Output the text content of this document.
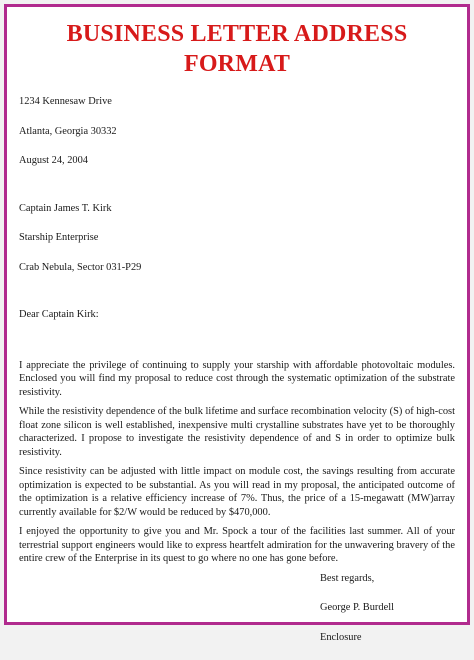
BUSINESS LETTER ADDRESS
FORMAT
1234 Kennesaw Drive
Atlanta, Georgia 30332
August 24, 2004
Captain James T. Kirk
Starship Enterprise
Crab Nebula, Sector 031-P29
Dear Captain Kirk:

I appreciate the privilege of continuing to supply your starship with affordable photovoltaic modules. Enclosed you will find my proposal to reduce cost through the systematic optimization of the substrate resistivity.

While the resistivity dependence of the bulk lifetime and surface recombination velocity (S) of high-cost float zone silicon is well established, inexpensive multi crystalline substrates have yet to be thoroughly characterized. I propose to investigate the resistivity dependence of and S in order to optimize bulk resistivity.

Since resistivity can be adjusted with little impact on module cost, the savings resulting from accurate optimization is expected to be substantial. As you will read in my proposal, the anticipated outcome of the optimization is a relative efficiency increase of 7%. Thus, the price of a 15-megawatt (MW)array currently available for $2/W would be reduced by $470,000.

I enjoyed the opportunity to give you and Mr. Spock a tour of the facilities last summer. All of your terrestrial support engineers would like to express heartfelt admiration for the unwavering bravery of the entire crew of the Enterprise in its quest to go where no one has gone before.

Best regards,
George P. Burdell
Enclosure
